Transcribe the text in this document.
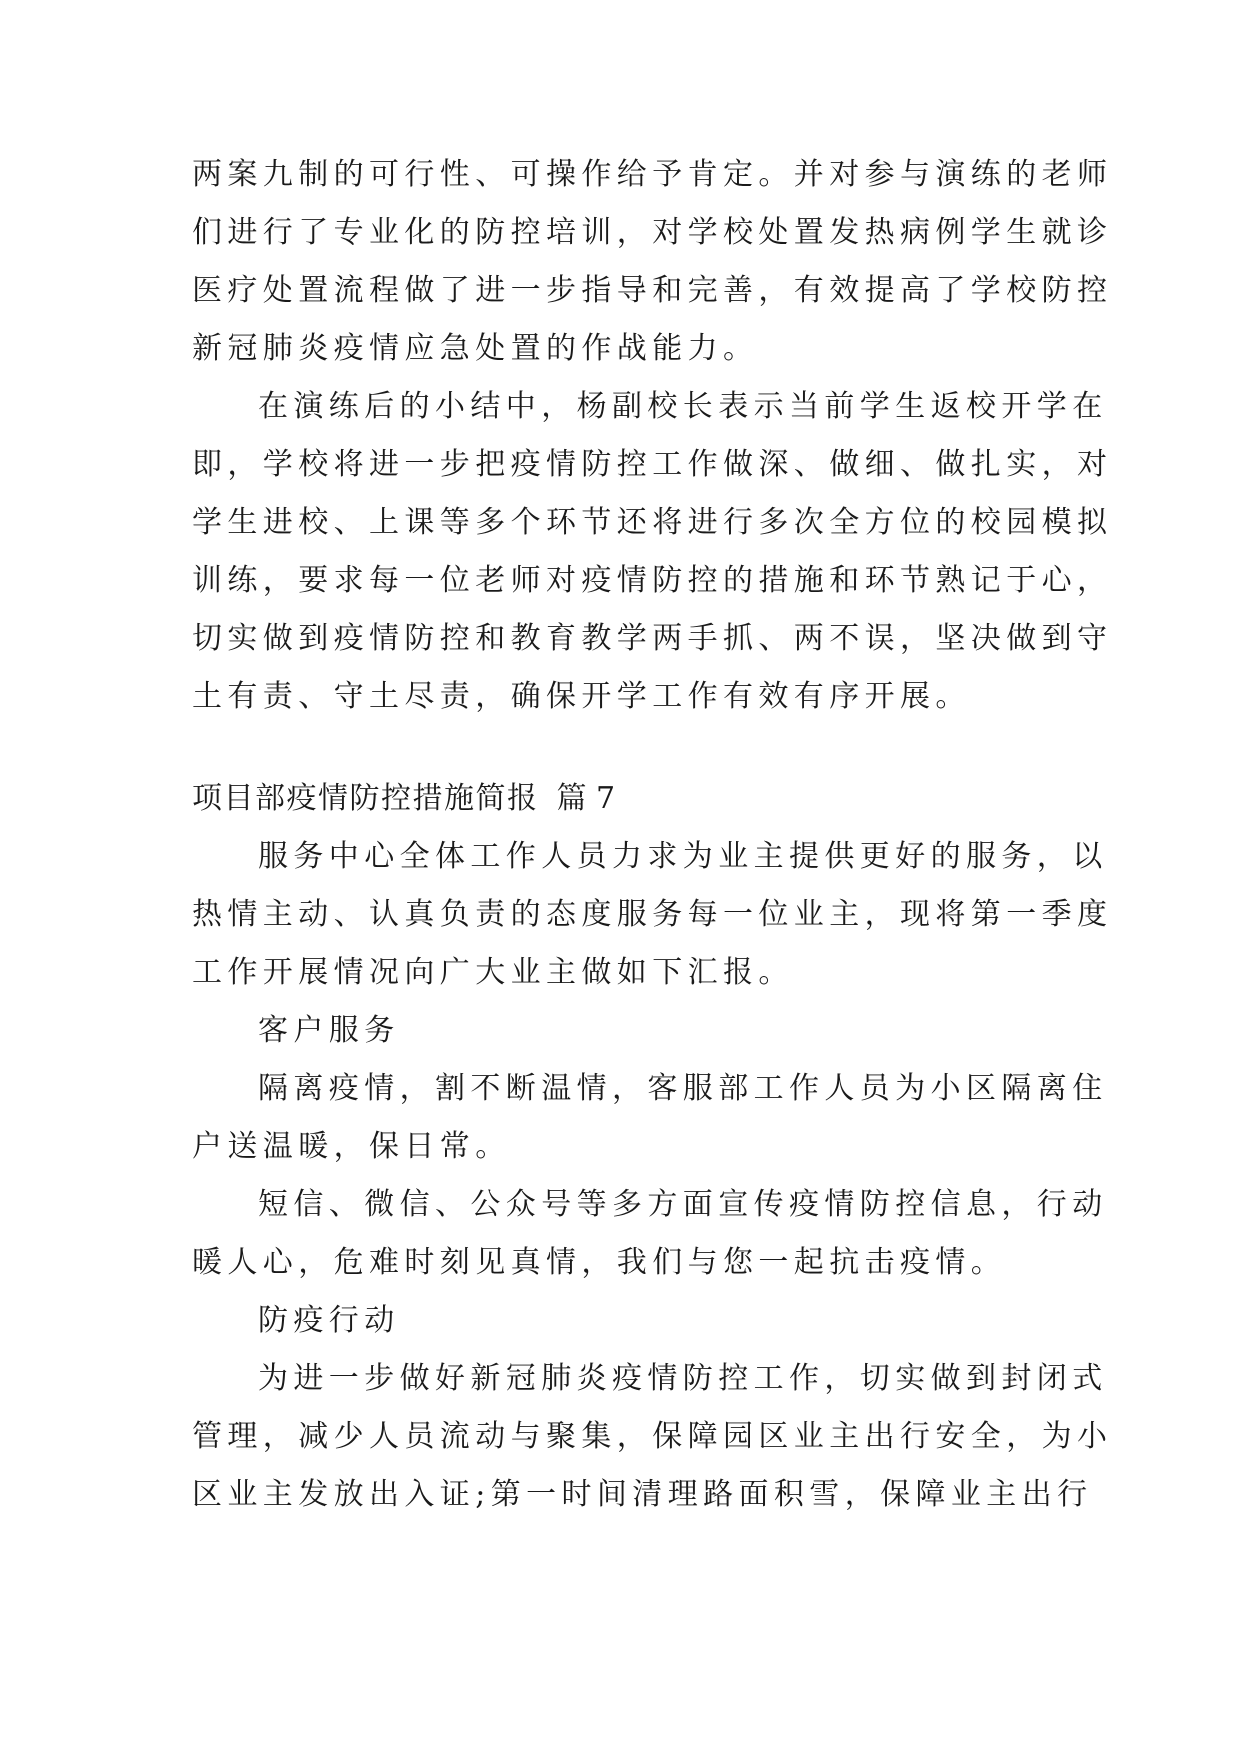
两案九制的可行性、可操作给予肯定。并对参与演练的老师

们进行了专业化的防控培训，对学校处置发热病例学生就诊

医疗处置流程做了进一步指导和完善，有效提高了学校防控

新冠肺炎疫情应急处置的作战能力。

在演练后的小结中，杨副校长表示当前学生返校开学在

即，学校将进一步把疫情防控工作做深、做细、做扎实，对

学生进校、上课等多个环节还将进行多次全方位的校园模拟

训练，要求每一位老师对疫情防控的措施和环节熟记于心，

切实做到疫情防控和教育教学两手抓、两不误，坚决做到守

土有责、守土尽责，确保开学工作有效有序开展。

项目部疫情防控措施简报 篇 7

服务中心全体工作人员力求为业主提供更好的服务，以

热情主动、认真负责的态度服务每一位业主，现将第一季度

工作开展情况向广大业主做如下汇报。

客户服务

隔离疫情，割不断温情，客服部工作人员为小区隔离住

户送温暖，保日常。

短信、微信、公众号等多方面宣传疫情防控信息，行动

暖人心，危难时刻见真情，我们与您一起抗击疫情。

防疫行动

为进一步做好新冠肺炎疫情防控工作，切实做到封闭式

管理，减少人员流动与聚集，保障园区业主出行安全，为小

区业主发放出入证;第一时间清理路面积雪，保障业主出行
